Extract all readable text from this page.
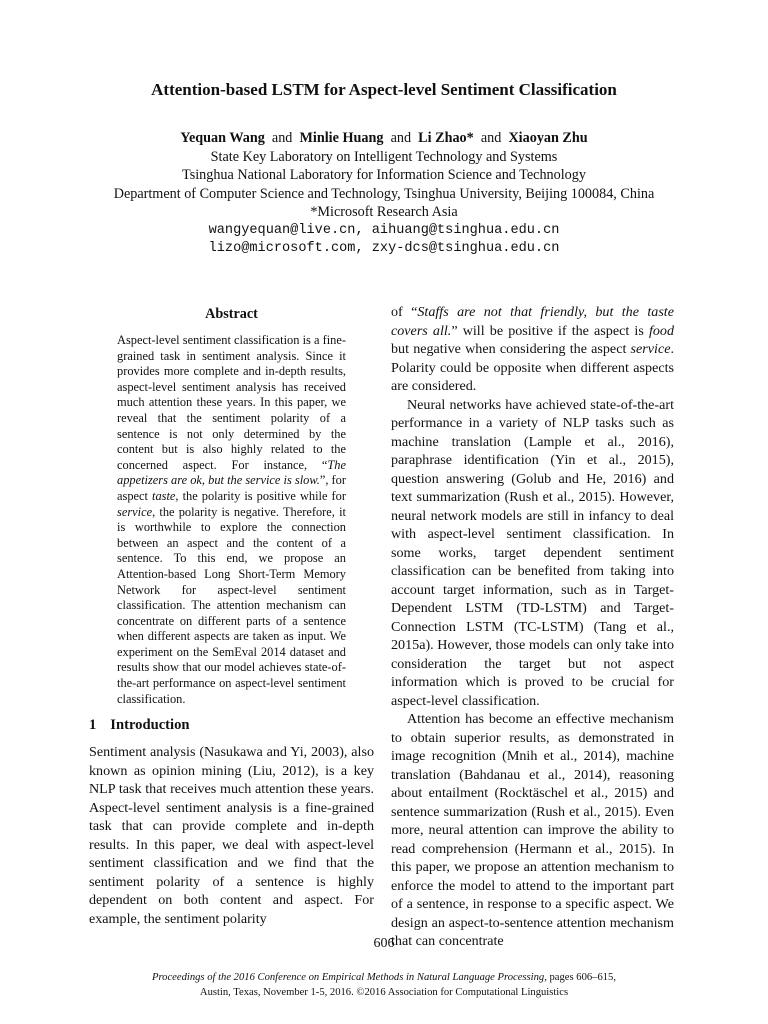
Attention-based LSTM for Aspect-level Sentiment Classification
Yequan Wang and Minlie Huang and Li Zhao* and Xiaoyan Zhu
State Key Laboratory on Intelligent Technology and Systems
Tsinghua National Laboratory for Information Science and Technology
Department of Computer Science and Technology, Tsinghua University, Beijing 100084, China
*Microsoft Research Asia
wangyequan@live.cn, aihuang@tsinghua.edu.cn
lizo@microsoft.com, zxy-dcs@tsinghua.edu.cn
Abstract
Aspect-level sentiment classification is a fine-grained task in sentiment analysis. Since it provides more complete and in-depth results, aspect-level sentiment analysis has received much attention these years. In this paper, we reveal that the sentiment polarity of a sentence is not only determined by the content but is also highly related to the concerned aspect. For instance, “The appetizers are ok, but the service is slow.”, for aspect taste, the polarity is positive while for service, the polarity is negative. Therefore, it is worthwhile to explore the connection between an aspect and the content of a sentence. To this end, we propose an Attention-based Long Short-Term Memory Network for aspect-level sentiment classification. The attention mechanism can concentrate on different parts of a sentence when different aspects are taken as input. We experiment on the SemEval 2014 dataset and results show that our model achieves state-of-the-art performance on aspect-level sentiment classification.
1 Introduction

Sentiment analysis (Nasukawa and Yi, 2003), also known as opinion mining (Liu, 2012), is a key NLP task that receives much attention these years. Aspect-level sentiment analysis is a fine-grained task that can provide complete and in-depth results. In this paper, we deal with aspect-level sentiment classification and we find that the sentiment polarity of a sentence is highly dependent on both content and aspect. For example, the sentiment polarity

of “Staffs are not that friendly, but the taste covers all.” will be positive if the aspect is food but negative when considering the aspect service. Polarity could be opposite when different aspects are considered.

Neural networks have achieved state-of-the-art performance in a variety of NLP tasks such as machine translation (Lample et al., 2016), paraphrase identification (Yin et al., 2015), question answering (Golub and He, 2016) and text summarization (Rush et al., 2015). However, neural network models are still in infancy to deal with aspect-level sentiment classification. In some works, target dependent sentiment classification can be benefited from taking into account target information, such as in Target-Dependent LSTM (TD-LSTM) and Target-Connection LSTM (TC-LSTM) (Tang et al., 2015a). However, those models can only take into consideration the target but not aspect information which is proved to be crucial for aspect-level classification.

Attention has become an effective mechanism to obtain superior results, as demonstrated in image recognition (Mnih et al., 2014), machine translation (Bahdanau et al., 2014), reasoning about entailment (Rocktäschel et al., 2015) and sentence summarization (Rush et al., 2015). Even more, neural attention can improve the ability to read comprehension (Hermann et al., 2015). In this paper, we propose an attention mechanism to enforce the model to attend to the important part of a sentence, in response to a specific aspect. We design an aspect-to-sentence attention mechanism that can concentrate

606
Proceedings of the 2016 Conference on Empirical Methods in Natural Language Processing, pages 606–615,
Austin, Texas, November 1-5, 2016. ©2016 Association for Computational Linguistics
